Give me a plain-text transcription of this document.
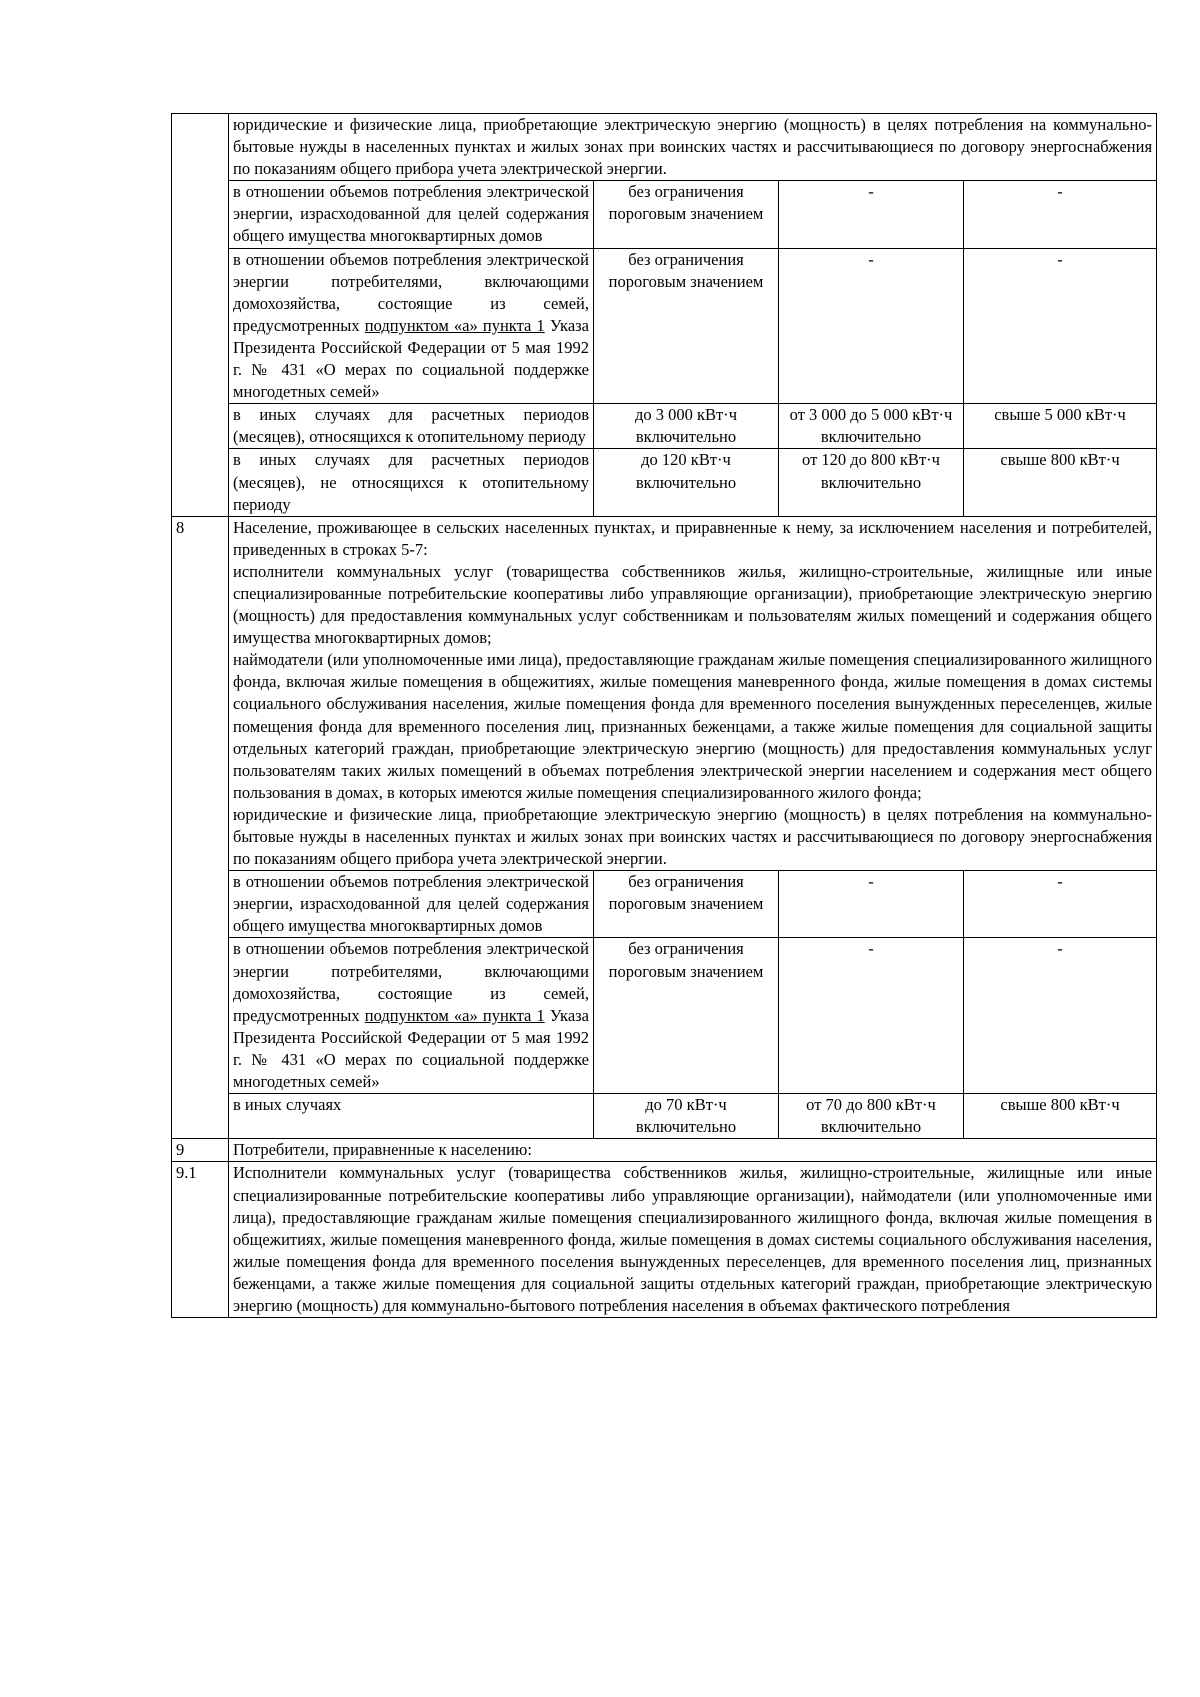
	юридические и физические лица, приобретающие электрическую энергию (мощность) в целях потребления на коммунально-бытовые нужды в населенных пунктах и жилых зонах при воинских частях и рассчитывающиеся по договору энергоснабжения по показаниям общего прибора учета электрической энергии.			
	в отношении объемов потребления электрической энергии, израсходованной для целей содержания общего имущества многоквартирных домов	без ограничения пороговым значением	-	-
	в отношении объемов потребления электрической энергии потребителями, включающими домохозяйства, состоящие из семей, предусмотренных подпунктом «а» пункта 1 Указа Президента Российской Федерации от 5 мая 1992 г. № 431 «О мерах по социальной поддержке многодетных семей»	без ограничения пороговым значением	-	-
	в иных случаях для расчетных периодов (месяцев), относящихся к отопительному периоду	до 3 000 кВт·ч включительно	от 3 000 до 5 000 кВт·ч включительно	свыше 5 000 кВт·ч
	в иных случаях для расчетных периодов (месяцев), не относящихся к отопительному периоду	до 120 кВт·ч включительно	от 120 до 800 кВт·ч включительно	свыше 800 кВт·ч
8	Население, проживающее в сельских населенных пунктах, и приравненные к нему, за исключением населения и потребителей, приведенных в строках 5-7:

исполнители коммунальных услуг (товарищества собственников жилья, жилищно-строительные, жилищные или иные специализированные потребительские кооперативы либо управляющие организации), приобретающие электрическую энергию (мощность) для предоставления коммунальных услуг собственникам и пользователям жилых помещений и содержания общего имущества многоквартирных домов;

наймодатели (или уполномоченные ими лица), предоставляющие гражданам жилые помещения специализированного жилищного фонда, включая жилые помещения в общежитиях, жилые помещения маневренного фонда, жилые помещения в домах системы социального обслуживания населения, жилые помещения фонда для временного поселения вынужденных переселенцев, жилые помещения фонда для временного поселения лиц, признанных беженцами, а также жилые помещения для социальной защиты отдельных категорий граждан, приобретающие электрическую энергию (мощность) для предоставления коммунальных услуг пользователям таких жилых помещений в объемах потребления электрической энергии населением и содержания мест общего пользования в домах, в которых имеются жилые помещения специализированного жилого фонда;

юридические и физические лица, приобретающие электрическую энергию (мощность) в целях потребления на коммунально-бытовые нужды в населенных пунктах и жилых зонах при воинских частях и рассчитывающиеся по договору энергоснабжения по показаниям общего прибора учета электрической энергии.			

	в отношении объемов потребления электрической энергии, израсходованной для целей содержания общего имущества многоквартирных домов	без ограничения пороговым значением	-	-
	в отношении объемов потребления электрической энергии потребителями, включающими домохозяйства, состоящие из семей, предусмотренных подпунктом «а» пункта 1 Указа Президента Российской Федерации от 5 мая 1992 г. № 431 «О мерах по социальной поддержке многодетных семей»	без ограничения пороговым значением	-	-
	в иных случаях	до 70 кВт·ч включительно	от 70 до 800 кВт·ч включительно	свыше 800 кВт·ч
9	Потребители, приравненные к населению:			
9.1	Исполнители коммунальных услуг (товарищества собственников жилья, жилищно-строительные, жилищные или иные специализированные потребительские кооперативы либо управляющие организации), наймодатели (или уполномоченные ими лица), предоставляющие гражданам жилые помещения специализированного жилищного фонда, включая жилые помещения в общежитиях, жилые помещения маневренного фонда, жилые помещения в домах системы социального обслуживания населения, жилые помещения фонда для временного поселения вынужденных переселенцев, для временного поселения лиц, признанных беженцами, а также жилые помещения для социальной защиты отдельных категорий граждан, приобретающие электрическую энергию (мощность) для коммунально-бытового потребления населения в объемах фактического потребления			
